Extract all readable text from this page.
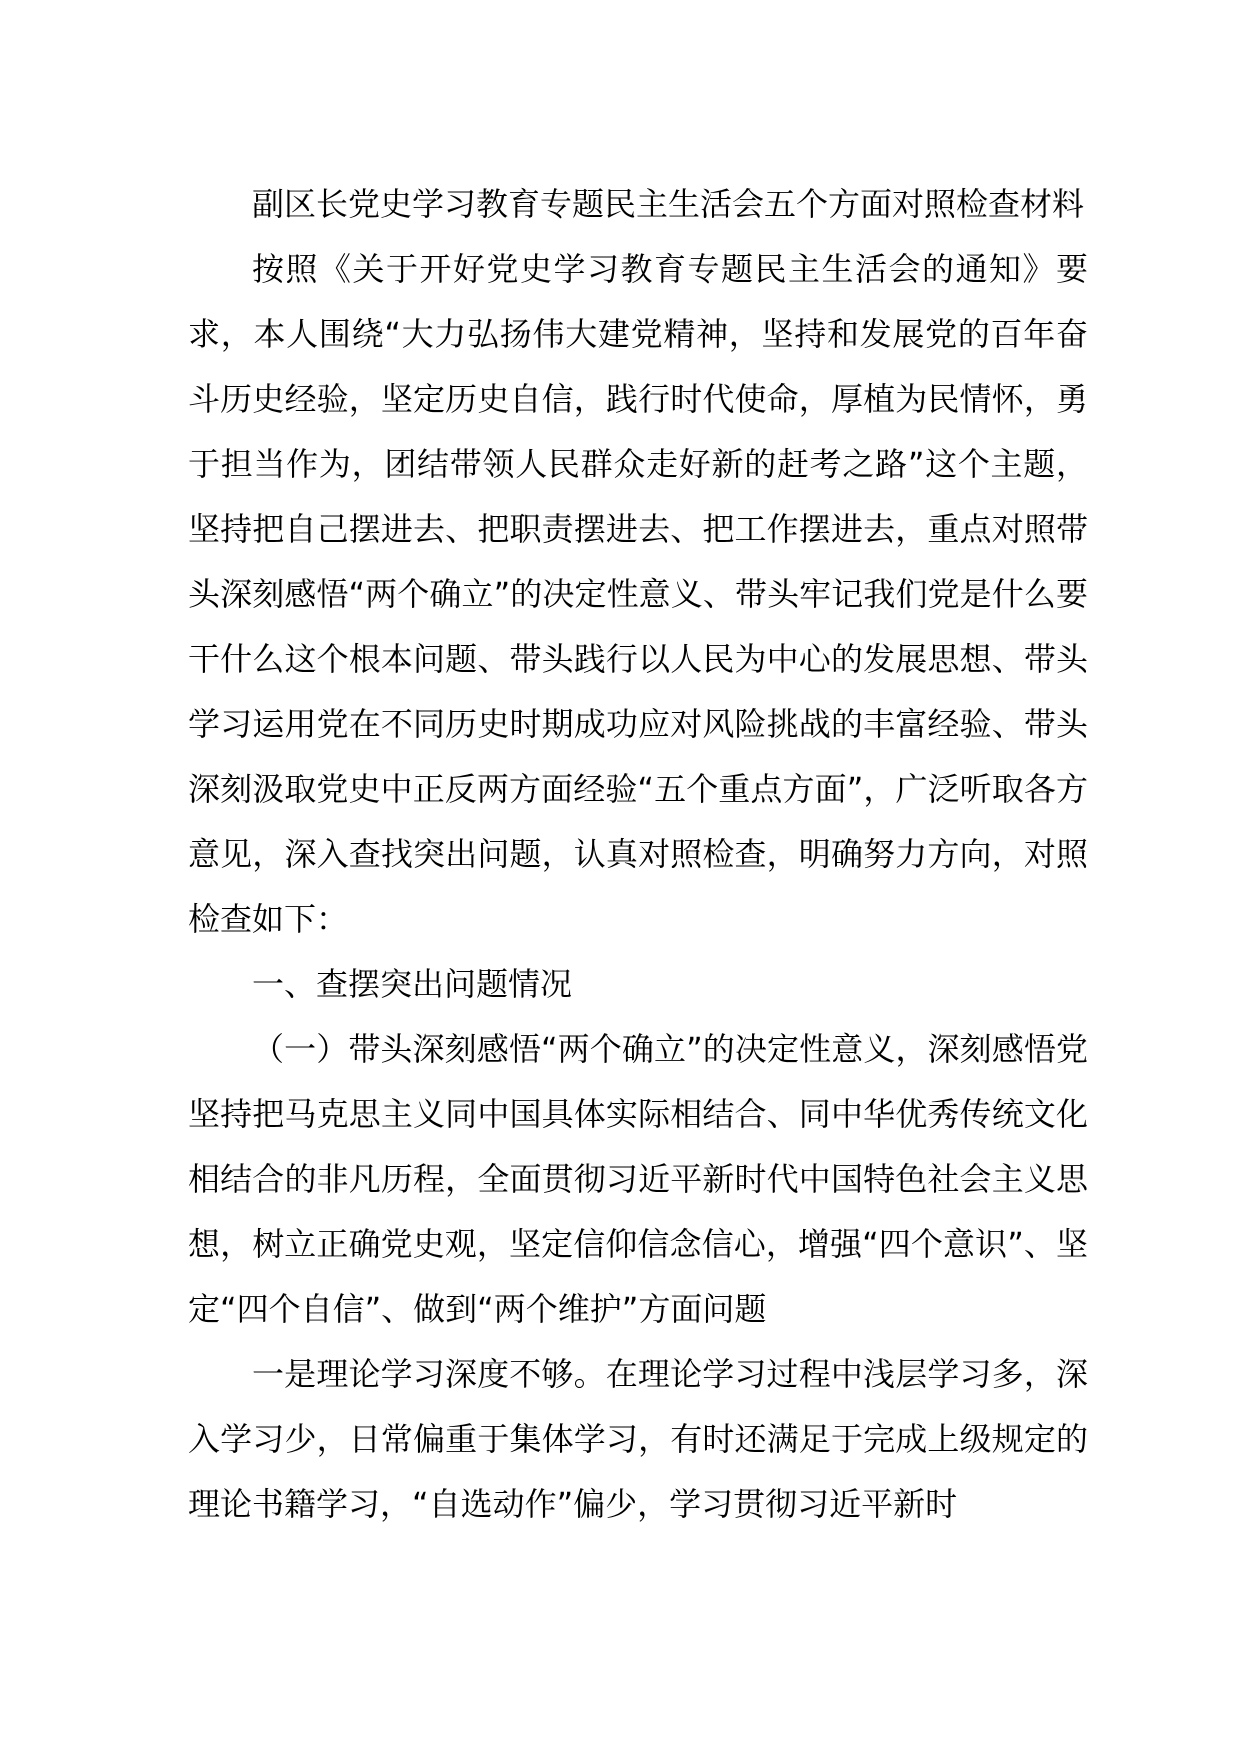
副区长党史学习教育专题民主生活会五个方面对照检查材料

按照《关于开好党史学习教育专题民主生活会的通知》要求，本人围绕“大力弘扬伟大建党精神，坚持和发展党的百年奋斗历史经验，坚定历史自信，践行时代使命，厚植为民情怀，勇于担当作为，团结带领人民群众走好新的赶考之路”这个主题，坚持把自己摆进去、把职责摆进去、把工作摆进去，重点对照带头深刻感悟“两个确立”的决定性意义、带头牢记我们党是什么要干什么这个根本问题、带头践行以人民为中心的发展思想、带头学习运用党在不同历史时期成功应对风险挑战的丰富经验、带头深刻汲取党史中正反两方面经验“五个重点方面”，广泛听取各方意见，深入查找突出问题，认真对照检查，明确努力方向，对照检查如下：

一、查摆突出问题情况

（一）带头深刻感悟“两个确立”的决定性意义，深刻感悟党坚持把马克思主义同中国具体实际相结合、同中华优秀传统文化相结合的非凡历程，全面贯彻习近平新时代中国特色社会主义思想，树立正确党史观，坚定信仰信念信心，增强“四个意识”、坚定“四个自信”、做到“两个维护”方面问题

一是理论学习深度不够。在理论学习过程中浅层学习多，深入学习少，日常偏重于集体学习，有时还满足于完成上级规定的理论书籍学习，“自选动作”偏少，学习贯彻习近平新时
